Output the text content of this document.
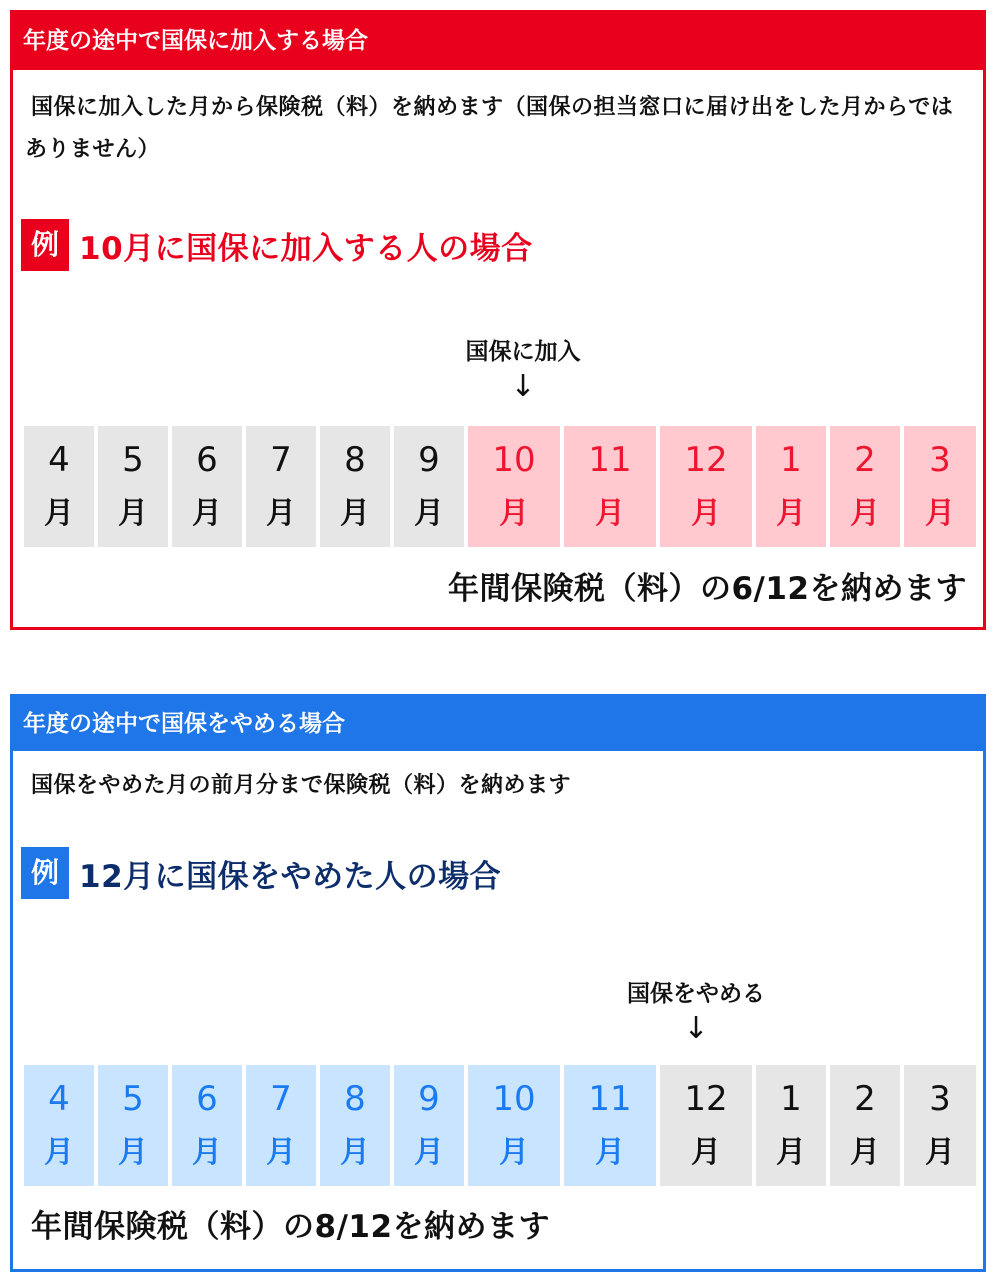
年度の途中で国保に加入する場合
国保に加入した月から保険税（料）を納めます（国保の担当窓口に届け出をした月からではありません）
例 10月に国保に加入する人の場合
国保に加入
↓
4
月
5
月
6
月
7
月
8
月
9
月
10
月
11
月
12
月
1
月
2
月
3
月
年間保険税（料）の6/12を納めます
年度の途中で国保をやめる場合
国保をやめた月の前月分まで保険税（料）を納めます
例 12月に国保をやめた人の場合
国保をやめる
↓
4
月
5
月
6
月
7
月
8
月
9
月
10
月
11
月
12
月
1
月
2
月
3
月
年間保険税（料）の8/12を納めます
